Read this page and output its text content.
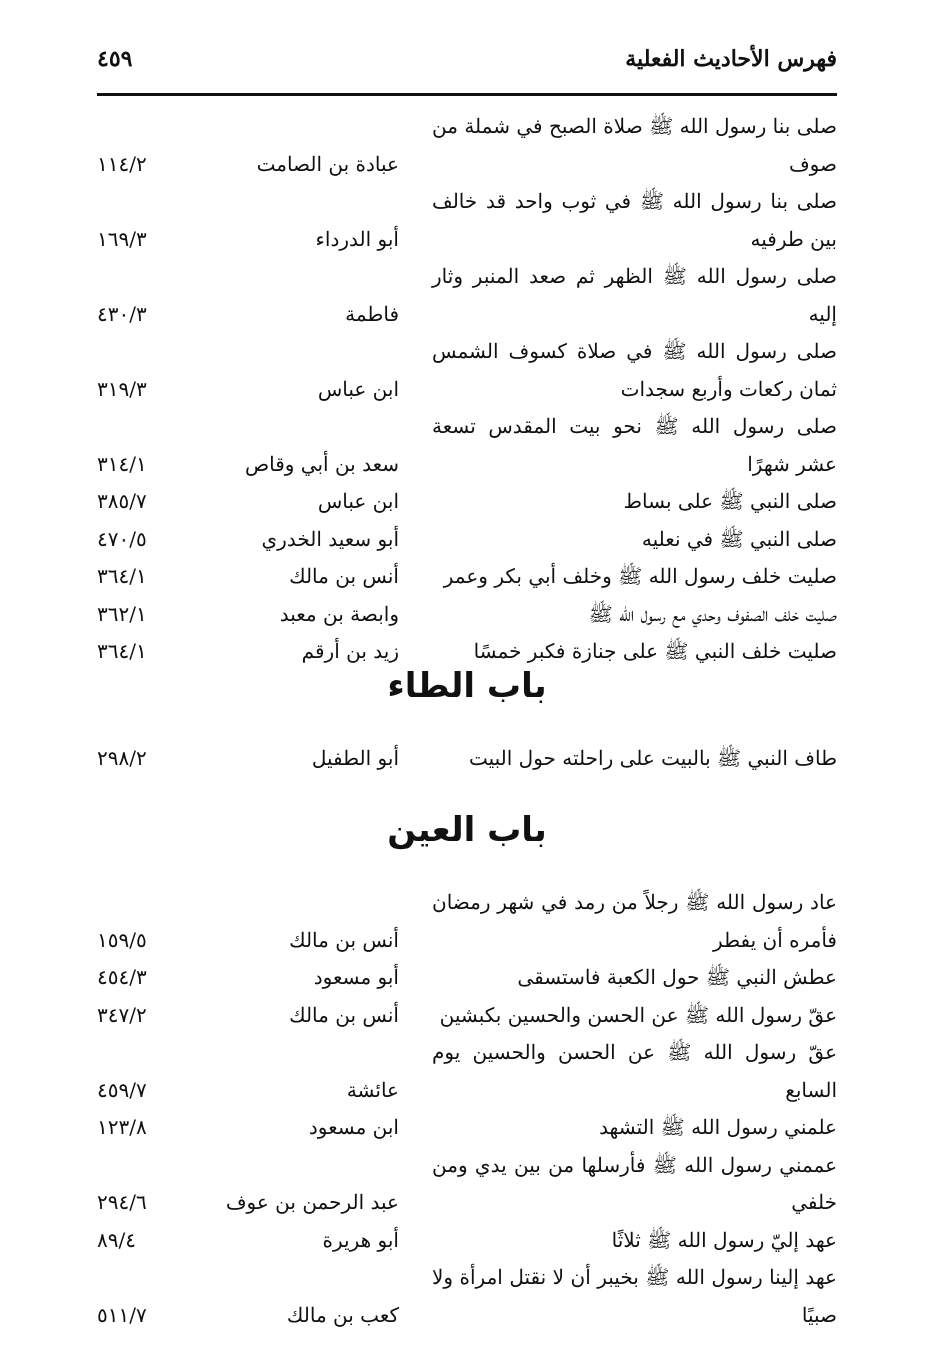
٤٥٩	فهرس الأحاديث الفعلية
صلى بنا رسول الله ﷺ صلاة الصبح في شملة من صوف
عبادة بن الصامت
١١٤/٢
صلى بنا رسول الله ﷺ في ثوب واحد قد خالف بين طرفيه
أبو الدرداء
١٦٩/٣
صلى رسول الله ﷺ الظهر ثم صعد المنبر وثار إليه
فاطمة
٤٣٠/٣
صلى رسول الله ﷺ في صلاة كسوف الشمس ثمان ركعات وأربع سجدات
ابن عباس
٣١٩/٣
صلى رسول الله ﷺ نحو بيت المقدس تسعة عشر شهرًا
سعد بن أبي وقاص
٣١٤/١
صلى النبي ﷺ على بساط
ابن عباس
٣٨٥/٧
صلى النبي ﷺ في نعليه
أبو سعيد الخدري
٤٧٠/٥
صليت خلف رسول الله ﷺ وخلف أبي بكر وعمر
أنس بن مالك
٣٦٤/١
صليت خلف الصفوف وحدي مع رسول الله ﷺ
وابصة بن معبد
٣٦٢/١
صليت خلف النبي ﷺ على جنازة فكبر خمسًا
زيد بن أرقم
٣٦٤/١
باب الطاء
طاف النبي ﷺ بالبيت على راحلته حول البيت
أبو الطفيل
٢٩٨/٢
باب العين
عاد رسول الله ﷺ رجلاً من رمد في شهر رمضان فأمره أن يفطر
أنس بن مالك
١٥٩/٥
عطش النبي ﷺ حول الكعبة فاستسقى
أبو مسعود
٤٥٤/٣
عقّ رسول الله ﷺ عن الحسن والحسين بكبشين
أنس بن مالك
٣٤٧/٢
عقّ رسول الله ﷺ عن الحسن والحسين يوم السابع
عائشة
٤٥٩/٧
علمني رسول الله ﷺ التشهد
ابن مسعود
١٢٣/٨
عممني رسول الله ﷺ فأرسلها من بين يدي ومن خلفي
عبد الرحمن بن عوف
٢٩٤/٦
عهد إليّ رسول الله ﷺ ثلاثًا
أبو هريرة
٨٩/٤
عهد إلينا رسول الله ﷺ بخيبر أن لا نقتل امرأة ولا صبيًا
كعب بن مالك
٥١١/٧
